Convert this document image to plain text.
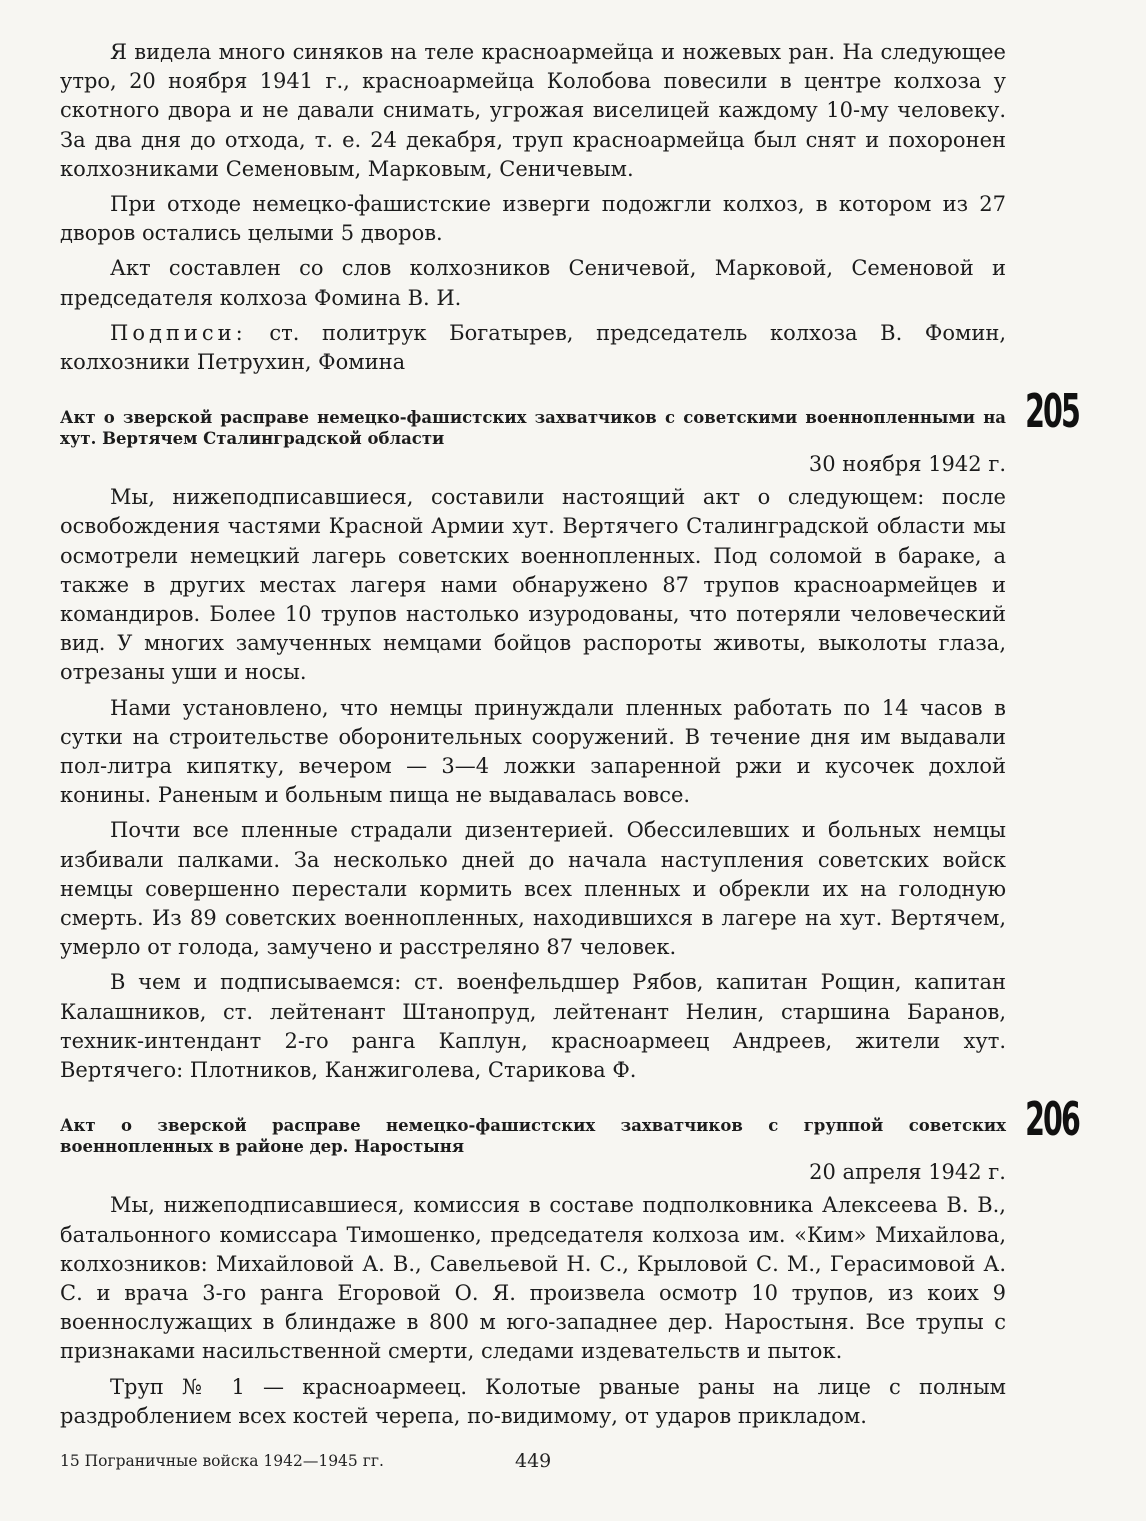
Я видела много синяков на теле красноармейца и ножевых ран. На следующее утро, 20 ноября 1941 г., красноармейца Колобова повесили в центре колхоза у скотного двора и не давали снимать, угрожая виселицей каждому 10-му человеку. За два дня до отхода, т. е. 24 декабря, труп красноармейца был снят и похоронен колхозниками Семеновым, Марковым, Сеничевым.

При отходе немецко-фашистские изверги подожгли колхоз, в котором из 27 дворов остались целыми 5 дворов.

Акт составлен со слов колхозников Сеничевой, Марковой, Семеновой и председателя колхоза Фомина В. И.

Подписи: ст. политрук Богатырев, председатель колхоза В. Фомин, колхозники Петрухин, Фомина

Акт о зверской расправе немецко-фашистских захватчиков с советскими военнопленными на хут. Вертячем Сталинградской области
205
30 ноября 1942 г.

Мы, нижеподписавшиеся, составили настоящий акт о следующем: после освобождения частями Красной Армии хут. Вертячего Сталинградской области мы осмотрели немецкий лагерь советских военнопленных. Под соломой в бараке, а также в других местах лагеря нами обнаружено 87 трупов красноармейцев и командиров. Более 10 трупов настолько изуродованы, что потеряли человеческий вид. У многих замученных немцами бойцов распороты животы, выколоты глаза, отрезаны уши и носы.

Нами установлено, что немцы принуждали пленных работать по 14 часов в сутки на строительстве оборонительных сооружений. В течение дня им выдавали пол-литра кипятку, вечером — 3—4 ложки запаренной ржи и кусочек дохлой конины. Раненым и больным пища не выдавалась вовсе.

Почти все пленные страдали дизентерией. Обессилевших и больных немцы избивали палками. За несколько дней до начала наступления советских войск немцы совершенно перестали кормить всех пленных и обрекли их на голодную смерть. Из 89 советских военнопленных, находившихся в лагере на хут. Вертячем, умерло от голода, замучено и расстреляно 87 человек.

В чем и подписываемся: ст. военфельдшер Рябов, капитан Рощин, капитан Калашников, ст. лейтенант Штанопруд, лейтенант Нелин, старшина Баранов, техник-интендант 2-го ранга Каплун, красноармеец Андреев, жители хут. Вертячего: Плотников, Канжиголева, Старикова Ф.

Акт о зверской расправе немецко-фашистских захватчиков с группой советских военнопленных в районе дер. Наростыня
206
20 апреля 1942 г.

Мы, нижеподписавшиеся, комиссия в составе подполковника Алексеева В. В., батальонного комиссара Тимошенко, председателя колхоза им. «Ким» Михайлова, колхозников: Михайловой А. В., Савельевой Н. С., Крыловой С. М., Герасимовой А. С. и врача 3-го ранга Егоровой О. Я. произвела осмотр 10 трупов, из коих 9 военнослужащих в блиндаже в 800 м юго-западнее дер. Наростыня. Все трупы с признаками насильственной смерти, следами издевательств и пыток.

Труп № 1 — красноармеец. Колотые рваные раны на лице с полным раздроблением всех костей черепа, по-видимому, от ударов прикладом.

15 Пограничные войска 1942—1945 гг.	449
